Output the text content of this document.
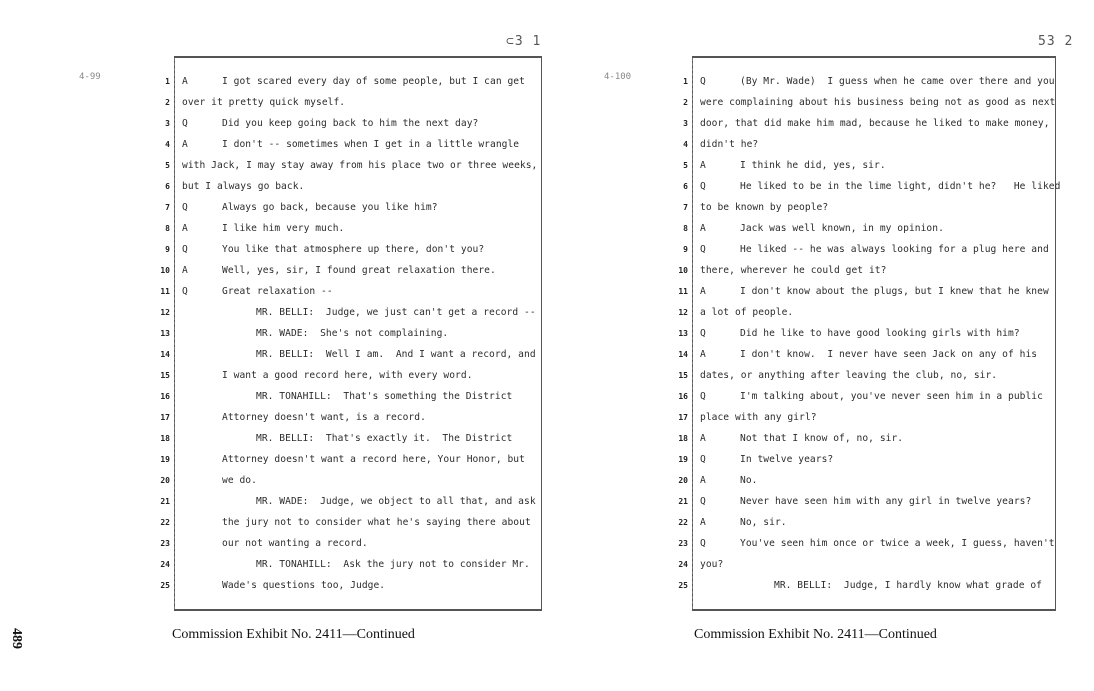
⊂3 1
4-99	1 A	I got scared every day of some people, but I can get
2 over it pretty quick myself.
3 Q	Did you keep going back to him the next day?
4 A	I don't -- sometimes when I get in a little wrangle
5 with Jack, I may stay away from his place two or three weeks,
6 but I always go back.
7 Q	Always go back, because you like him?
8 A	I like him very much.
9 Q	You like that atmosphere up there, don't you?
10 A	Well, yes, sir, I found great relaxation there.
11 Q	Great relaxation --
12	MR. BELLI:  Judge, we just can't get a record --
13	MR. WADE:  She's not complaining.
14	MR. BELLI:  Well I am.  And I want a record, and
15	I want a good record here, with every word.
16	MR. TONAHILL:  That's something the District
17	Attorney doesn't want, is a record.
18	MR. BELLI:  That's exactly it.  The District
19	Attorney doesn't want a record here, Your Honor, but
20	we do.
21	MR. WADE:  Judge, we object to all that, and ask
22	the jury not to consider what he's saying there about
23	our not wanting a record.
24	MR. TONAHILL:  Ask the jury not to consider Mr.
25	Wade's questions too, Judge.
Commission Exhibit No. 2411—Continued
53 2
4-100	1 Q	(By Mr. Wade)  I guess when he came over there and you
2 were complaining about his business being not as good as next
3 door, that did make him mad, because he liked to make money,
4 didn't he?
5 A	I think he did, yes, sir.
6 Q	He liked to be in the lime light, didn't he?   He liked
7 to be known by people?
8 A	Jack was well known, in my opinion.
9 Q	He liked -- he was always looking for a plug here and
10 there, wherever he could get it?
11 A	I don't know about the plugs, but I knew that he knew
12 a lot of people.
13 Q	Did he like to have good looking girls with him?
14 A	I don't know.  I never have seen Jack on any of his
15 dates, or anything after leaving the club, no, sir.
16 Q	I'm talking about, you've never seen him in a public
17 place with any girl?
18 A	Not that I know of, no, sir.
19 Q	In twelve years?
20 A	No.
21 Q	Never have seen him with any girl in twelve years?
22 A	No, sir.
23 Q	You've seen him once or twice a week, I guess, haven't
24 you?
25	MR. BELLI:  Judge, I hardly know what grade of
Commission Exhibit No. 2411—Continued
489
